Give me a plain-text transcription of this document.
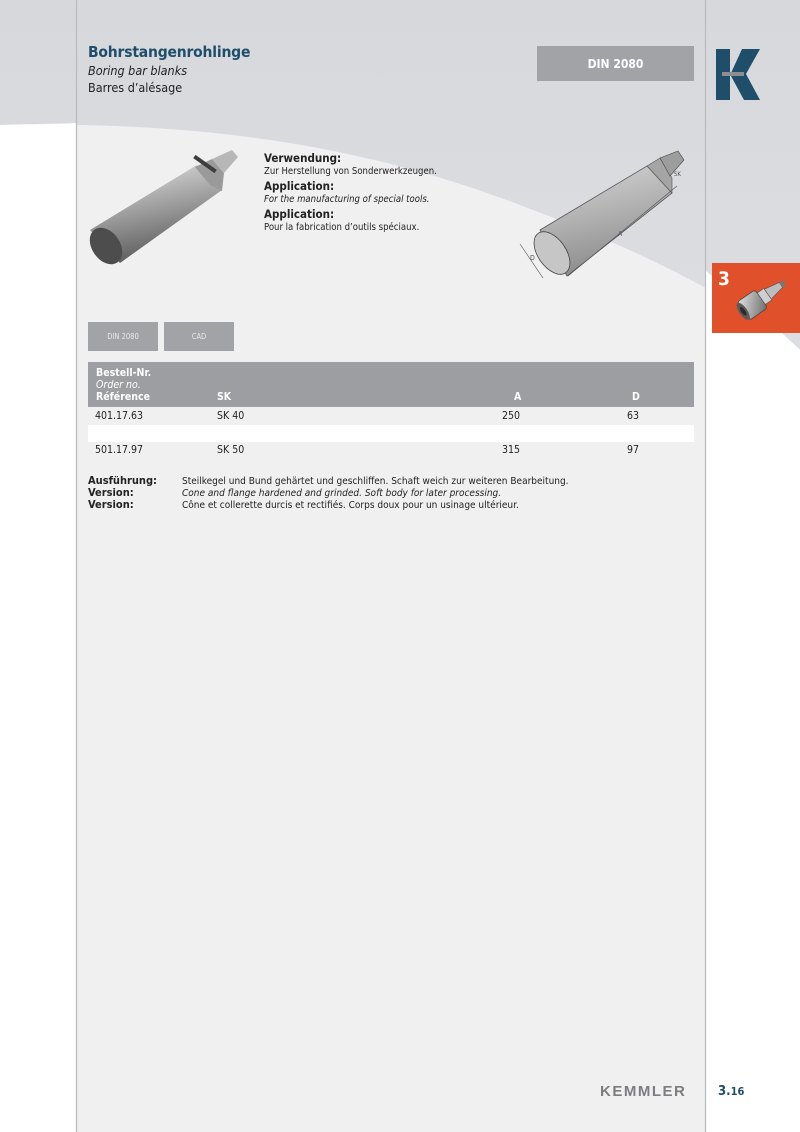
Bohrstangenrohlinge
Boring bar blanks
Barres d’alésage
DIN 2080
3
Verwendung:
Zur Herstellung von Sonderwerkzeugen.
Application:
For the manufacturing of special tools.
Application:
Pour la fabrication d’outils spéciaux.
D
A
SK
DIN 2080	CAD
Bestell-Nr.
Order no.
Référence	SK	A	D
401.17.63	SK 40	250	63
501.17.97	SK 50	315	97
Ausführung: Steilkegel und Bund gehärtet und geschliffen. Schaft weich zur weiteren Bearbeitung.
Version:	Cone and flange hardened and grinded. Soft body for later processing.
Version:	Cône et collerette durcis et rectifiés. Corps doux pour un usinage ultérieur.
KEMMLER 3.16
